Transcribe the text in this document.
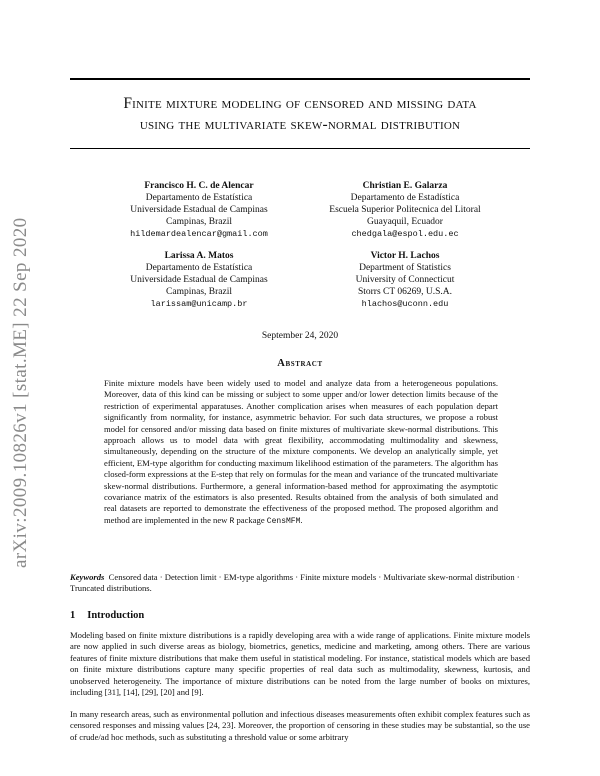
arXiv:2009.10826v1 [stat.ME] 22 Sep 2020
Finite mixture modeling of censored and missing data
using the multivariate skew-normal distribution
Francisco H. C. de Alencar
Departamento de Estatística
Universidade Estadual de Campinas
Campinas, Brazil
hildemardealencar@gmail.com
Christian E. Galarza
Departamento de Estadística
Escuela Superior Politecnica del Litoral
Guayaquil, Ecuador
chedgala@espol.edu.ec
Larissa A. Matos
Departamento de Estatística
Universidade Estadual de Campinas
Campinas, Brazil
larissam@unicamp.br
Victor H. Lachos
Department of Statistics
University of Connecticut
Storrs CT 06269, U.S.A.
hlachos@uconn.edu
September 24, 2020
Abstract
Finite mixture models have been widely used to model and analyze data from a heterogeneous populations. Moreover, data of this kind can be missing or subject to some upper and/or lower detection limits because of the restriction of experimental apparatuses. Another complication arises when measures of each population depart significantly from normality, for instance, asymmetric behavior. For such data structures, we propose a robust model for censored and/or missing data based on finite mixtures of multivariate skew-normal distributions. This approach allows us to model data with great flexibility, accommodating multimodality and skewness, simultaneously, depending on the structure of the mixture components. We develop an analytically simple, yet efficient, EM-type algorithm for conducting maximum likelihood estimation of the parameters. The algorithm has closed-form expressions at the E-step that rely on formulas for the mean and variance of the truncated multivariate skew-normal distributions. Furthermore, a general information-based method for approximating the asymptotic covariance matrix of the estimators is also presented. Results obtained from the analysis of both simulated and real datasets are reported to demonstrate the effectiveness of the proposed method. The proposed algorithm and method are implemented in the new R package CensMFM.
Keywords Censored data · Detection limit · EM-type algorithms · Finite mixture models · Multivariate skew-normal distribution · Truncated distributions.
1 Introduction
Modeling based on finite mixture distributions is a rapidly developing area with a wide range of applications. Finite mixture models are now applied in such diverse areas as biology, biometrics, genetics, medicine and marketing, among others. There are various features of finite mixture distributions that make them useful in statistical modeling. For instance, statistical models which are based on finite mixture distributions capture many specific properties of real data such as multimodality, skewness, kurtosis, and unobserved heterogeneity. The importance of mixture distributions can be noted from the large number of books on mixtures, including [31], [14], [29], [20] and [9].
In many research areas, such as environmental pollution and infectious diseases measurements often exhibit complex features such as censored responses and missing values [24, 23]. Moreover, the proportion of censoring in these studies may be substantial, so the use of crude/ad hoc methods, such as substituting a threshold value or some arbitrary
